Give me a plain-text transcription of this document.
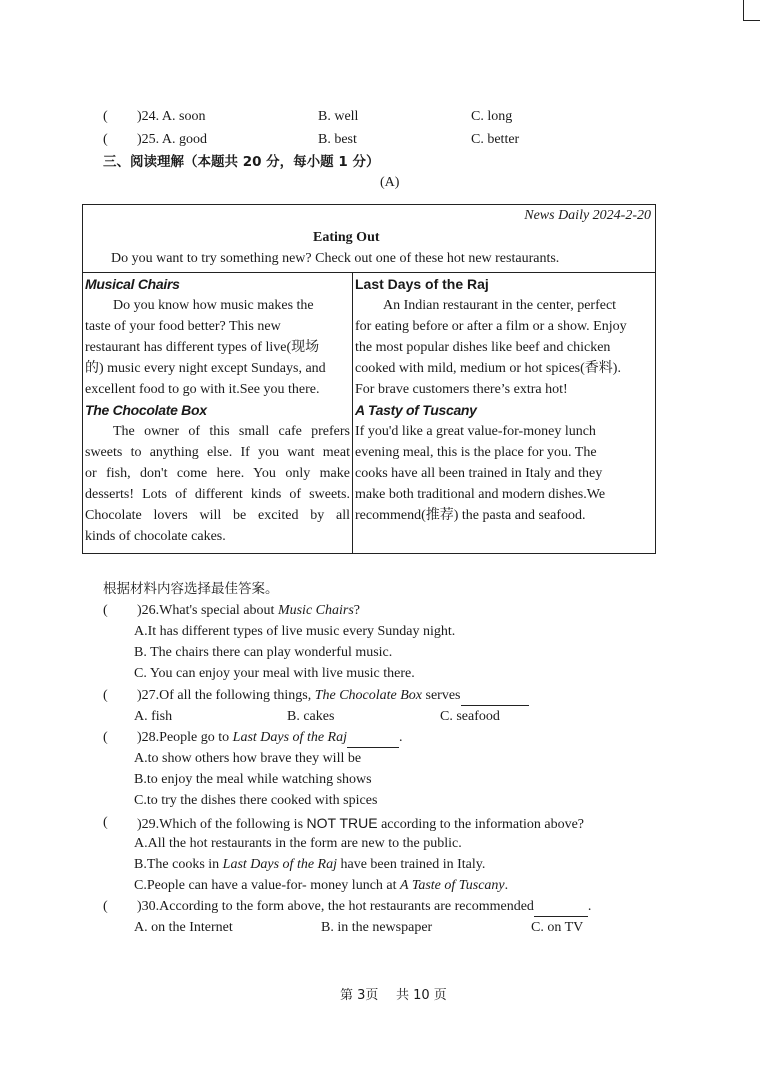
( )24. A. soon	B. well	C. long
( )25. A. good	B. best	C. better
三、阅读理解（本题共 20 分，每小题 1 分）
(A)
News Daily 2024-2-20
Eating Out
Do you want to try something new? Check out one of these hot new restaurants.
Musical Chairs
Do you know how music makes the
taste of your food better? This new
restaurant has different types of live(现场
的) music every night except Sundays, and
excellent food to go with it.See you there.
The Chocolate Box
The owner of this small cafe prefers
sweets to anything else. If you want meat
or fish, don't come here. You only make
desserts! Lots of different kinds of sweets.
Chocolate lovers will be excited by all
kinds of chocolate cakes.
Last Days of the Raj
An Indian restaurant in the center, perfect
for eating before or after a film or a show. Enjoy
the most popular dishes like beef and chicken
cooked with mild, medium or hot spices(香料).
For brave customers there’s extra hot!
A Tasty of Tuscany
If you'd like a great value-for-money lunch
evening meal, this is the place for you. The
cooks have all been trained in Italy and they
make both traditional and modern dishes.We
recommend(推荐) the pasta and seafood.
根据材料内容选择最佳答案。
( )26.What's special about Music Chairs?
A.It has different types of live music every Sunday night.
B. The chairs there can play wonderful music.
C. You can enjoy your meal with live music there.
( )27.Of all the following things, The Chocolate Box serves
A. fish	B. cakes	C. seafood
( )28.People go to Last Days of the Raj	.
A.to show others how brave they will be
B.to enjoy the meal while watching shows
C.to try the dishes there cooked with spices
( )29.Which of the following is NOT TRUE according to the information above?
A.All the hot restaurants in the form are new to the public.
B.The cooks in Last Days of the Raj have been trained in Italy.
C.People can have a value-for- money lunch at A Taste of Tuscany.
( )30.According to the form above, the hot restaurants are recommended	.
A. on the Internet	B. in the newspaper	C. on TV
第 3页 共 10 页
